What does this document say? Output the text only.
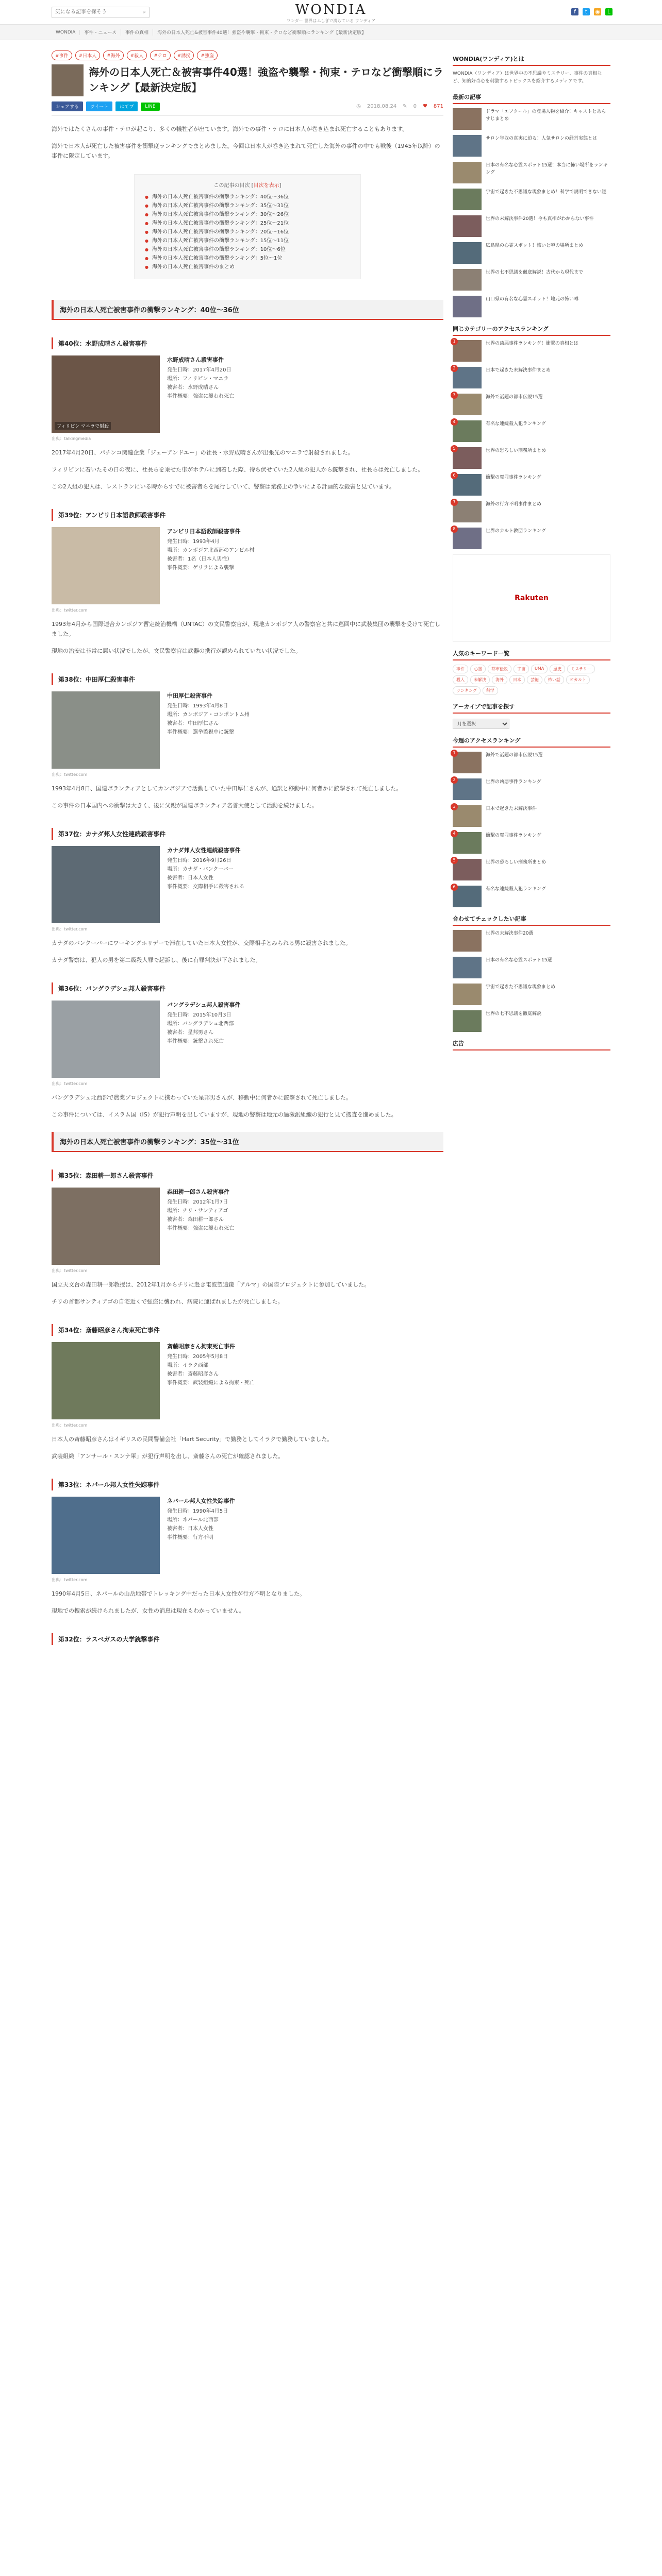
気になる記事を探そう
⌕	WONDIA
ワンダー 世界はふしぎで満ちている ワンディア
f	t	◉	L
WONDIA	事件・ニュース	事件の真相	海外の日本人死亡&被害事件40選！強盗や襲撃・拘束・テロなど衝撃順にランキング【最新決定版】
#事件	#日本人	#海外	#殺人	#テロ	#誘拐	#強盗
海外の日本人死亡＆被害事件40選！強盗や襲撃・拘束・テロなど衝撃順にランキング【最新決定版】
シェアする	ツイート	はてブ	LINE	◷ 2018.08.24 ✎ 0 ♥ 871

海外ではたくさんの事件・テロが起こり、多くの犠牲者が出ています。海外での事件・テロに日本人が巻き込まれ死亡することもあります。

海外で日本人が死亡した被害事件を衝撃度ランキングでまとめました。今回は日本人が巻き込まれて死亡した海外の事件の中でも戦後（1945年以降）の事件に限定しています。

この記事の目次 [目次を表示]
● 海外の日本人死亡被害事件の衝撃ランキング：40位〜36位
● 海外の日本人死亡被害事件の衝撃ランキング：35位〜31位
● 海外の日本人死亡被害事件の衝撃ランキング：30位〜26位
● 海外の日本人死亡被害事件の衝撃ランキング：25位〜21位
● 海外の日本人死亡被害事件の衝撃ランキング：20位〜16位
● 海外の日本人死亡被害事件の衝撃ランキング：15位〜11位
● 海外の日本人死亡被害事件の衝撃ランキング：10位〜6位
● 海外の日本人死亡被害事件の衝撃ランキング：5位〜1位
● 海外の日本人死亡被害事件のまとめ
海外の日本人死亡被害事件の衝撃ランキング：40位〜36位
第40位：水野成晴さん殺害事件
フィリピン マニラで射殺
水野成晴さん殺害事件
発生日時：2017年4月20日
場所：フィリピン・マニラ
被害者：水野成晴さん
事件概要：強盗に襲われ死亡
出典：talkingmedia

2017年4月20日、パチンコ関連企業「ジェーアンドエー」の社長・水野成晴さんが出張先のマニラで射殺されました。

フィリピンに着いたその日の夜に、社長らを乗せた車がホテルに到着した際、待ち伏せていた2人組の犯人から銃撃され、社長らは死亡しました。

この2人組の犯人は、レストランにいる時からすでに被害者らを尾行していて、警察は業務上の争いによる計画的な殺害と見ています。

第39位：アンビリ日本語教師殺害事件
アンビリ日本語教師殺害事件
発生日時：1993年4月
場所：カンボジア北西部のアンビル村
被害者：1名（日本人男性）
事件概要：ゲリラによる襲撃
出典：twitter.com

1993年4月から国際連合カンボジア暫定統治機構（UNTAC）の文民警察官が、現地カンボジア人の警察官と共に巡回中に武装集団の襲撃を受けて死亡しました。

現地の治安は非常に悪い状況でしたが、文民警察官は武器の携行が認められていない状況でした。

第38位：中田厚仁殺害事件
中田厚仁殺害事件
発生日時：1993年4月8日
場所：カンボジア・コンポントム州
被害者：中田厚仁さん
事件概要：選挙監視中に銃撃
出典：twitter.com

1993年4月8日、国連ボランティアとしてカンボジアで活動していた中田厚仁さんが、通訳と移動中に何者かに銃撃されて死亡しました。

この事件の日本国内への衝撃は大きく、後に父親が国連ボランティア名誉大使として活動を続けました。

第37位：カナダ邦人女性連続殺害事件
カナダ邦人女性連続殺害事件
発生日時：2016年9月26日
場所：カナダ・バンクーバー
被害者：日本人女性
事件概要：交際相手に殺害される
出典：twitter.com

カナダのバンクーバーにワーキングホリデーで滞在していた日本人女性が、交際相手とみられる男に殺害されました。

カナダ警察は、犯人の男を第二級殺人罪で起訴し、後に有罪判決が下されました。

第36位：バングラデシュ邦人殺害事件
バングラデシュ邦人殺害事件
発生日時：2015年10月3日
場所：バングラデシュ北西部
被害者：星邦男さん
事件概要：銃撃され死亡
出典：twitter.com

バングラデシュ北西部で農業プロジェクトに携わっていた星邦男さんが、移動中に何者かに銃撃されて死亡しました。

この事件については、イスラム国（IS）が犯行声明を出していますが、現地の警察は地元の過激派組織の犯行と見て捜査を進めました。

海外の日本人死亡被害事件の衝撃ランキング：35位〜31位
第35位：森田耕一郎さん殺害事件
森田耕一郎さん殺害事件
発生日時：2012年1月7日
場所：チリ・サンティアゴ
被害者：森田耕一郎さん
事件概要：強盗に襲われ死亡
出典：twitter.com

国立天文台の森田耕一郎教授は、2012年1月からチリに赴き電波望遠鏡「アルマ」の国際プロジェクトに参加していました。

チリの首都サンティアゴの自宅近くで強盗に襲われ、病院に運ばれましたが死亡しました。

第34位：斎藤昭彦さん拘束死亡事件
斎藤昭彦さん拘束死亡事件
発生日時：2005年5月8日
場所：イラク西部
被害者：斎藤昭彦さん
事件概要：武装組織による拘束・死亡
出典：twitter.com

日本人の斎藤昭彦さんはイギリスの民間警備会社「Hart Security」で勤務としてイラクで勤務していました。

武装組織「アンサール・スンナ軍」が犯行声明を出し、斎藤さんの死亡が確認されました。

第33位：ネパール邦人女性失踪事件
ネパール邦人女性失踪事件
発生日時：1990年4月5日
場所：ネパール北西部
被害者：日本人女性
事件概要：行方不明
出典：twitter.com

1990年4月5日、ネパールの山岳地帯でトレッキング中だった日本人女性が行方不明となりました。

現地での捜索が続けられましたが、女性の消息は現在もわかっていません。

第32位：ラスベガスの大学銃撃事件
WONDIA(ワンディア)とは

WONDIA（ワンディア）は世界中の不思議やミステリー、事件の真相など、知的好奇心を刺激するトピックスを紹介するメディアです。

最新の記事
ドラマ「エフクール」の登場人物を紹介！キャストとあらすじまとめ
サロン年収の真実に迫る！人気サロンの経営実態とは
日本の有名な心霊スポット15選！本当に怖い場所をランキング
宇宙で起きた不思議な現象まとめ！科学で説明できない謎
世界の未解決事件20選！今も真相がわからない事件
広島県の心霊スポット！怖いと噂の場所まとめ
世界の七不思議を徹底解説！古代から現代まで
山口県の有名な心霊スポット！地元の怖い噂
同じカテゴリーのアクセスランキング
1	世界の凶悪事件ランキング！衝撃の真相とは
2	日本で起きた未解決事件まとめ
3	海外で話題の都市伝説15選
4	有名な連続殺人犯ランキング
5	世界の恐ろしい刑務所まとめ
6	衝撃の冤罪事件ランキング
7	海外の行方不明事件まとめ
8	世界のカルト教団ランキング
Rakuten
人気のキーワード一覧
事件	心霊	都市伝説	宇宙	UMA	歴史	ミステリー
殺人	未解決	海外	日本	芸能	怖い話	オカルト
ランキング	科学
アーカイブで記事を探す
月を選択
今週のアクセスランキング
1	海外で話題の都市伝説15選
2	世界の凶悪事件ランキング
3	日本で起きた未解決事件
4	衝撃の冤罪事件ランキング
5	世界の恐ろしい刑務所まとめ
6	有名な連続殺人犯ランキング
合わせてチェックしたい記事
世界の未解決事件20選
日本の有名な心霊スポット15選
宇宙で起きた不思議な現象まとめ
世界の七不思議を徹底解説
広告
